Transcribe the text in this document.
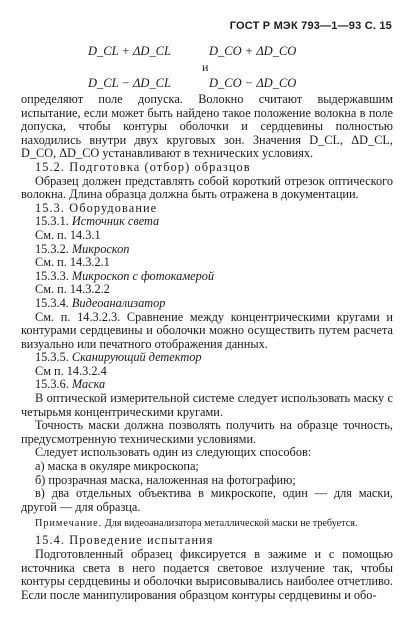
ГОСТ Р МЭК 793—1—93 С. 15
D_CL + ΔD_CL	D_CO + ΔD_CO
и
D_CL − ΔD_CL	D_CO − ΔD_CO

определяют поле допуска. Волокно считают выдержавшим испытание, если может быть найдено такое положение волокна в поле допуска, чтобы контуры оболочки и сердцевины полностью находились внутри двух круговых зон. Значения D_CL, ΔD_CL, D_CO, ΔD_CO устанавливают в технических условиях.

15.2. Подготовка (отбор) образцов

Образец должен представлять собой короткий отрезок оптического волокна. Длина образца должна быть отражена в документации.

15.3. Оборудование

15.3.1. Источник света

См. п. 14.3.1

15.3.2. Микроскоп

См. п. 14.3.2.1

15.3.3. Микроскоп с фотокамерой

См. п. 14.3.2.2

15.3.4. Видеоанализатор

См. п. 14.3.2.3. Сравнение между концентрическими кругами и контурами сердцевины и оболочки можно осуществить путем расчета визуально или печатного отображения данных.

15.3.5. Сканирующий детектор

См п. 14.3.2.4

15.3.6. Маска

В оптической измерительной системе следует использовать маску с четырьмя концентрическими кругами.

Точность маски должна позволять получить на образце точность, предусмотренную техническими условиями.

Следует использовать один из следующих способов:

а) маска в окуляре микроскопа;

б) прозрачная маска, наложенная на фотографию;

в) два отдельных объектива в микроскопе, один — для маски, другой — для образца.

Примечание. Для видеоанализатора металлической маски не требуется.

15.4. Проведение испытания

Подготовленный образец фиксируется в зажиме и с помощью источника света в него подается световое излучение так, чтобы контуры сердцевины и оболочки вырисовывались наиболее отчетливо. Если после манипулирования образцом контуры сердцевины и обо-
